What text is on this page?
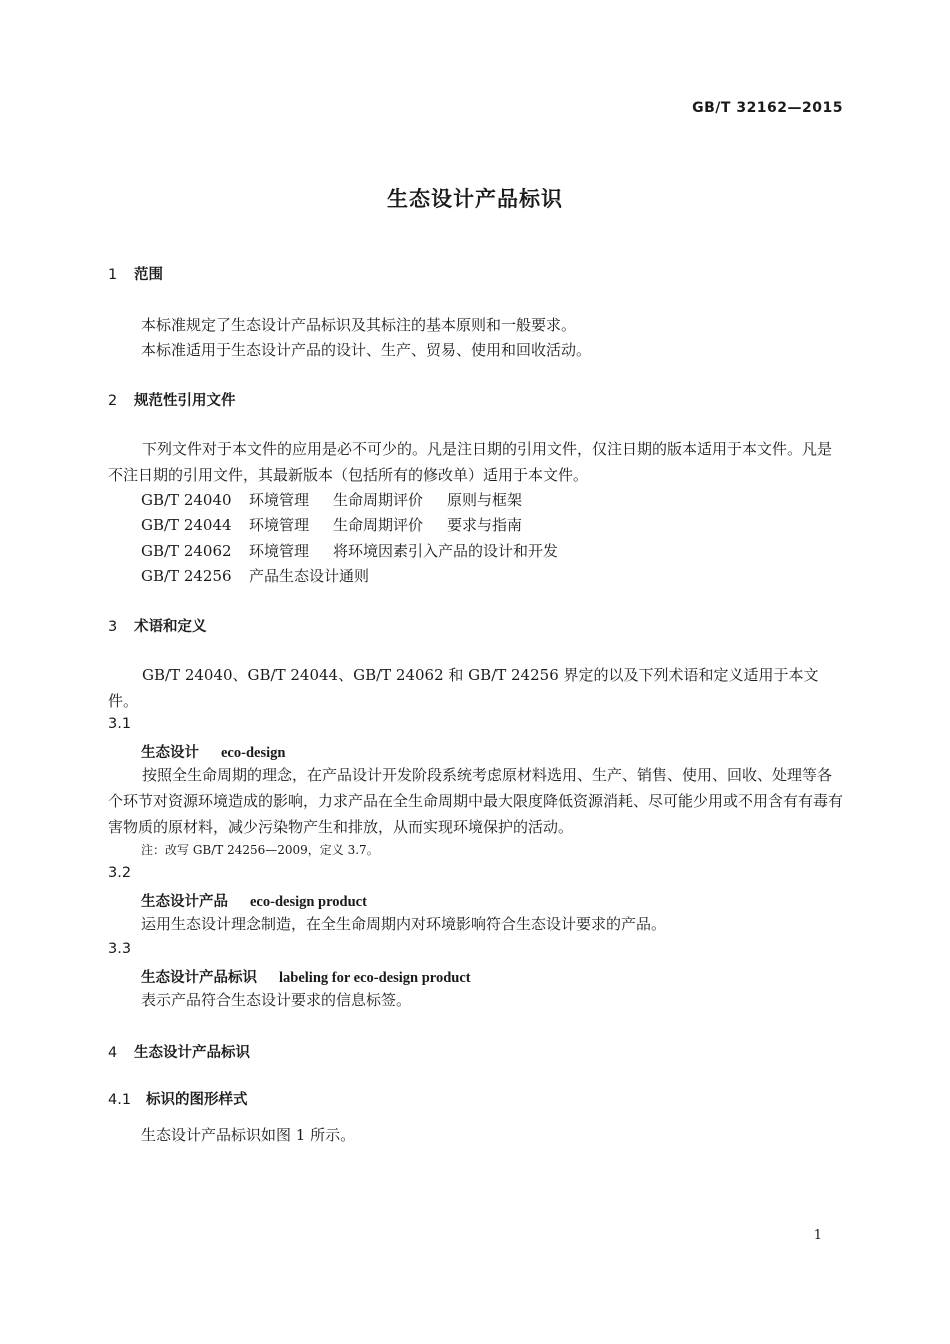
GB/T 32162—2015
生态设计产品标识
1 范围
本标准规定了生态设计产品标识及其标注的基本原则和一般要求。
本标准适用于生态设计产品的设计、生产、贸易、使用和回收活动。
2 规范性引用文件
下列文件对于本文件的应用是必不可少的。凡是注日期的引用文件，仅注日期的版本适用于本文件。凡是不注日期的引用文件，其最新版本（包括所有的修改单）适用于本文件。
GB/T 24040 环境管理 生命周期评价 原则与框架
GB/T 24044 环境管理 生命周期评价 要求与指南
GB/T 24062 环境管理 将环境因素引入产品的设计和开发
GB/T 24256 产品生态设计通则
3 术语和定义
GB/T 24040、GB/T 24044、GB/T 24062 和 GB/T 24256 界定的以及下列术语和定义适用于本文件。
3.1
生态设计 eco-design
按照全生命周期的理念，在产品设计开发阶段系统考虑原材料选用、生产、销售、使用、回收、处理等各个环节对资源环境造成的影响，力求产品在全生命周期中最大限度降低资源消耗、尽可能少用或不用含有有毒有害物质的原材料，减少污染物产生和排放，从而实现环境保护的活动。
注：改写 GB/T 24256—2009，定义 3.7。
3.2
生态设计产品 eco-design product
运用生态设计理念制造，在全生命周期内对环境影响符合生态设计要求的产品。
3.3
生态设计产品标识 labeling for eco-design product
表示产品符合生态设计要求的信息标签。
4 生态设计产品标识
4.1 标识的图形样式
生态设计产品标识如图 1 所示。
1
